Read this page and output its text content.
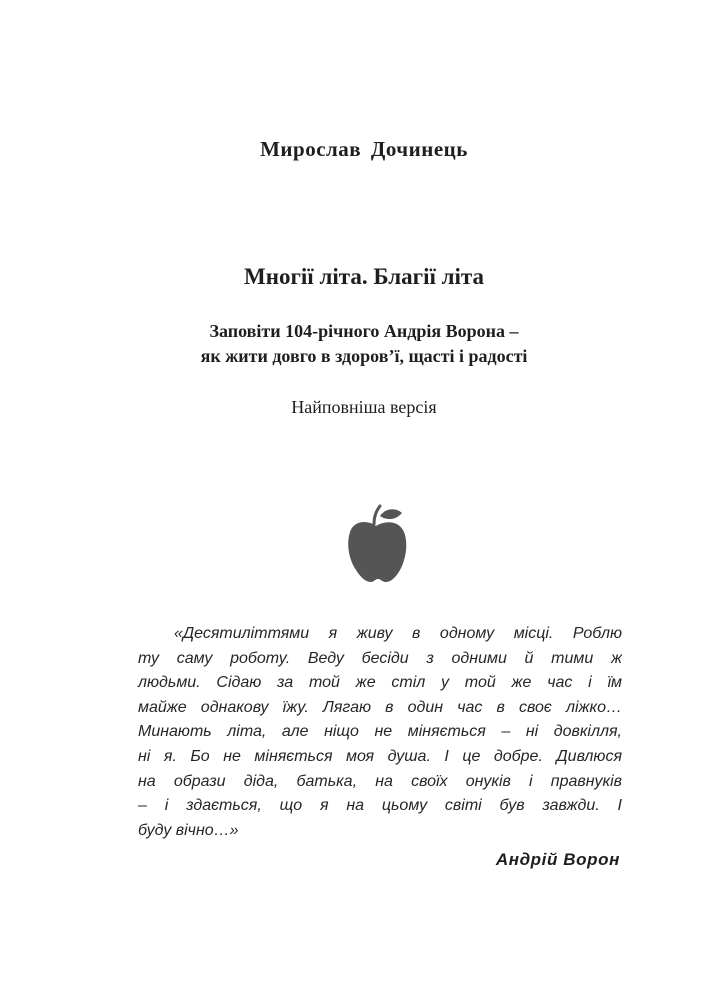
Мирослав Дочинець
Многії літа. Благії літа
Заповіти 104-річного Андрія Ворона –
як жити довго в здоров’ї, щасті і радості
Найповніша версія
«Десятиліттями я живу в одному місці. Роблю
ту саму роботу. Веду бесіди з одними й тими ж
людьми. Сідаю за той же стіл у той же час і їм
майже однакову їжу. Лягаю в один час в своє ліжко…
Минають літа, але ніщо не міняється – ні довкілля,
ні я. Бо не міняється моя душа. І це добре. Дивлюся
на образи діда, батька, на своїх онуків і правнуків
– і здається, що я на цьому світі був завжди. І
буду вічно…»
Андрій Ворон
